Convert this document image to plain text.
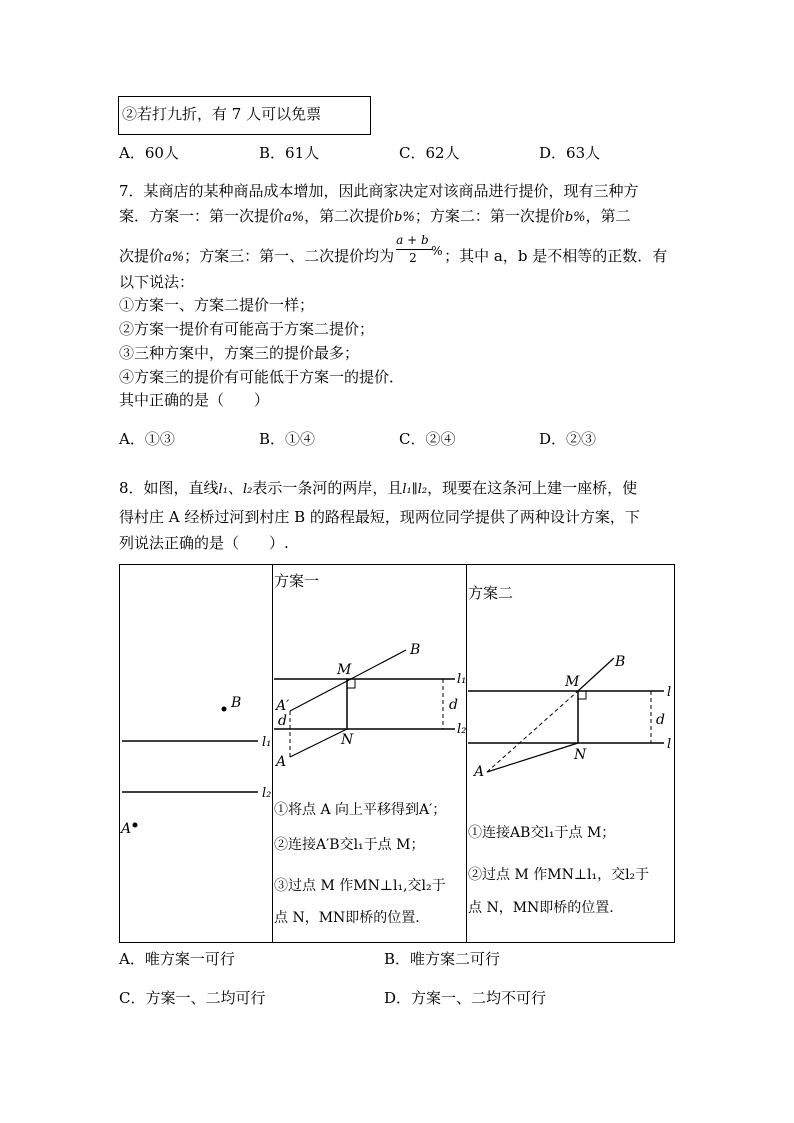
②若打九折，有 7 人可以免票
A．60人	B．61人	C．62人	D．63人
7．某商店的某种商品成本增加，因此商家决定对该商品进行提价，现有三种方
案．方案一：第一次提价a%，第二次提价b%；方案二：第一次提价b%，第二
次提价a%；方案三：第一、二次提价均为
a + b
2 % ；其中 a，b 是不相等的正数．有
以下说法：
①方案一、方案二提价一样；
②方案一提价有可能高于方案二提价；
③三种方案中，方案三的提价最多；
④方案三的提价有可能低于方案一的提价．
其中正确的是（　　）
A．①③	B．①④	C．②④	D．②③
8．如图，直线l₁、l₂表示一条河的两岸，且l₁∥l₂，现要在这条河上建一座桥，使
得村庄 A 经桥过河到村庄 B 的路程最短，现两位同学提供了两种设计方案，下
列说法正确的是（　　）.
B
l₁
l₂
A
B
M
A′
d
d
N
A
l₁
l₂
B
M
d
N
A
l
l
方案一
方案二
①将点 A 向上平移得到A′；
②连接A′B交l₁于点 M；
③过点 M 作MN⊥l₁,交l₂于
点 N，MN即桥的位置.
①连接AB交l₁于点 M；
②过点 M 作MN⊥l₁，交l₂于
点 N，MN即桥的位置.
A．唯方案一可行	B．唯方案二可行
C．方案一、二均可行	D．方案一、二均不可行
